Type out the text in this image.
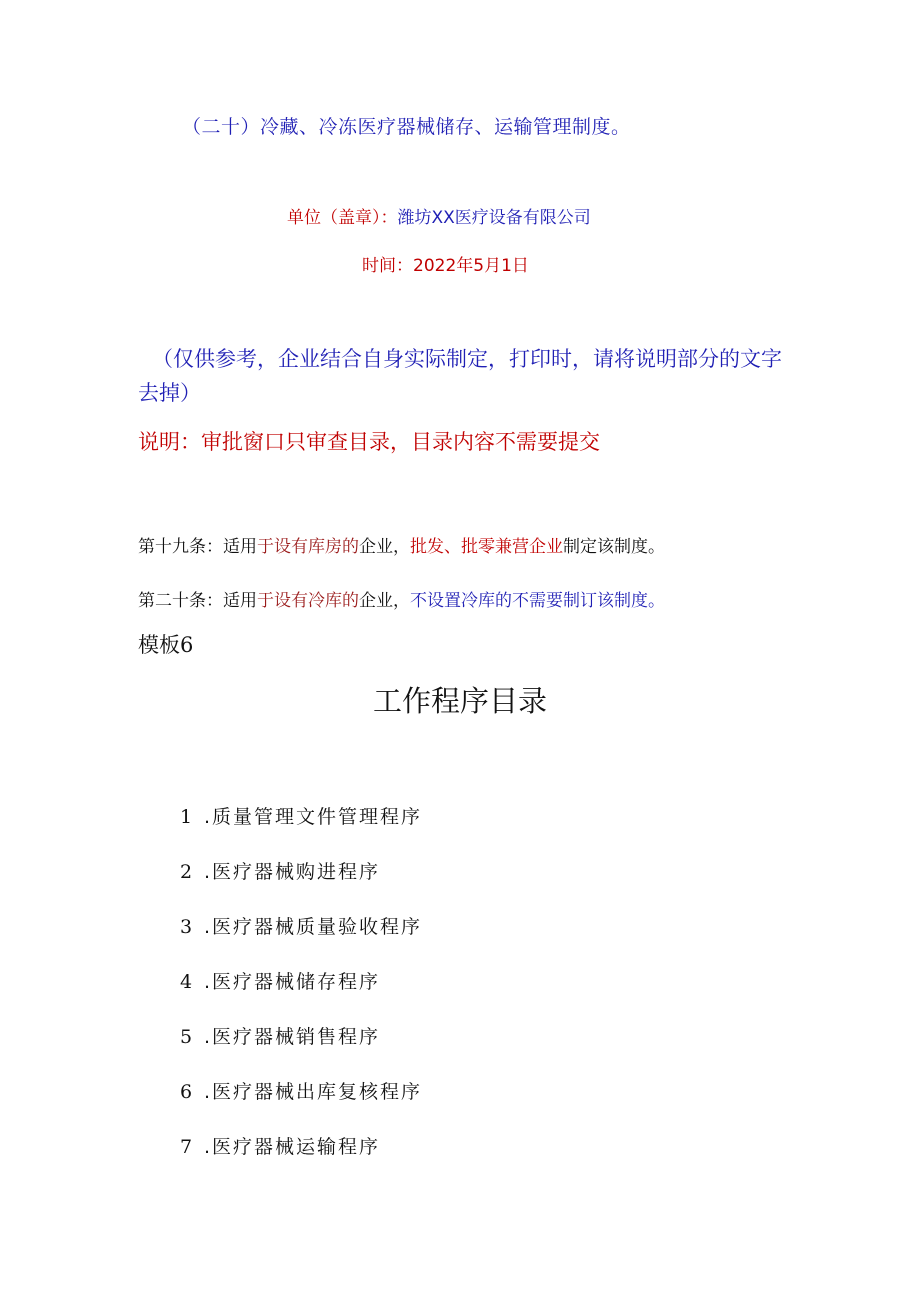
（二十）冷藏、冷冻医疗器械储存、运输管理制度。
单位（盖章）：潍坊XX医疗设备有限公司
时间：2022年5月1日
（仅供参考，企业结合自身实际制定，打印时，请将说明部分的文字去掉）
说明：审批窗口只审查目录，目录内容不需要提交
第十九条：适用于设有库房的企业，批发、批零兼营企业制定该制度。
第二十条：适用于设有冷库的企业，不设置冷库的不需要制订该制度。
模板6
工作程序目录
1 .质量管理文件管理程序
2 .医疗器械购进程序
3 .医疗器械质量验收程序
4 .医疗器械储存程序
5 .医疗器械销售程序
6 .医疗器械出库复核程序
7 .医疗器械运输程序
